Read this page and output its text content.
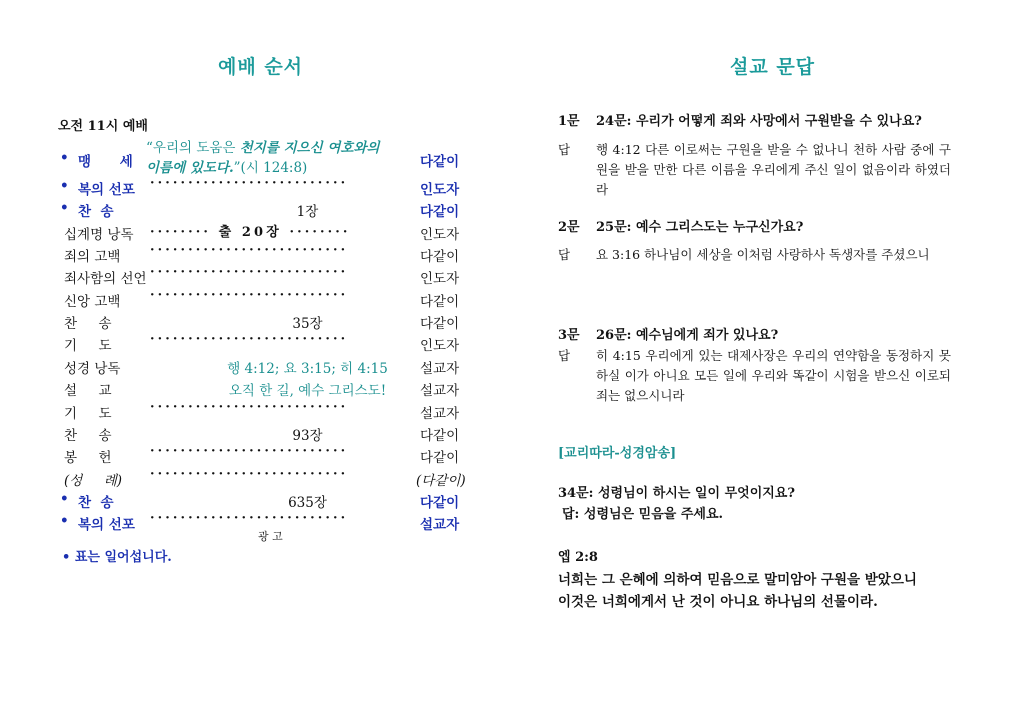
예배 순서
오전 11시 예배
• 맹 세
“우리의 도움은 천지를 지으신 여호와의
이름에 있도다.”(시 124:8)	다같이
• 복의 선포 ··························	인도자
• 찬  송	1장	다같이
십계명 낭독 ········ 출 20장 ········	인도자
죄의 고백 ··························	다같이
죄사함의 선언 ··························	인도자
신앙 고백 ··························	다같이
찬     송	35장	다같이
기     도	··························	인도자
성경 낭독	행 4:12; 요 3:15; 히 4:15	설교자
설     교	오직 한 길, 예수 그리스도!	설교자
기     도	··························	설교자
찬     송	93장	다같이
봉     헌	··························	다같이
(성     례) ··························	(다같이)
• 찬  송	635장	다같이
• 복의 선포 ··························	설교자
광 고
• 표는 일어섭니다.
설교 문답
1문 24문: 우리가 어떻게 죄와 사망에서 구원받을 수 있나요?
답 행 4:12 다른 이로써는 구원을 받을 수 없나니 천하 사람 중에 구원을 받을 만한 다른 이름을 우리에게 주신 일이 없음이라 하였더라
2문 25문: 예수 그리스도는 누구신가요?
답 요 3:16 하나님이 세상을 이처럼 사랑하사 독생자를 주셨으니
3문 26문: 예수님에게 죄가 있나요?
답 히 4:15 우리에게 있는 대제사장은 우리의 연약함을 동정하지 못하실 이가 아니요 모든 일에 우리와 똑같이 시험을 받으신 이로되 죄는 없으시니라
[교리따라-성경암송]
34문: 성령님이 하시는 일이 무엇이지요?
답: 성령님은 믿음을 주세요.
엡 2:8
너희는 그 은혜에 의하여 믿음으로 말미암아 구원을 받았으니
이것은 너희에게서 난 것이 아니요 하나님의 선물이라.
